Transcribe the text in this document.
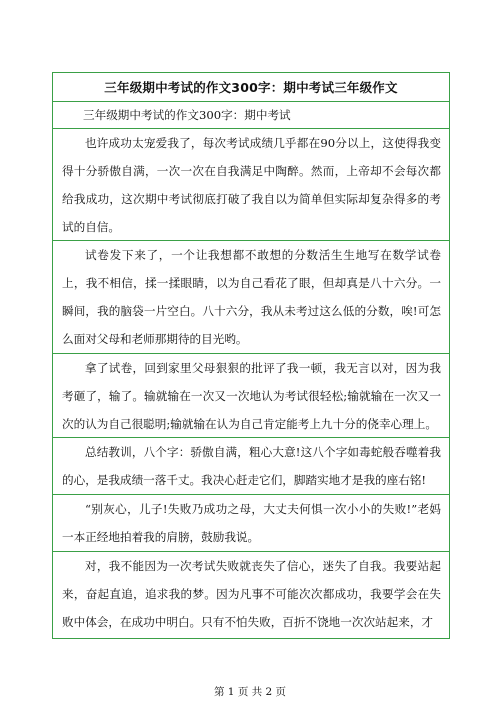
三年级期中考试的作文300字：期中考试三年级作文
三年级期中考试的作文300字：期中考试

也许成功太宠爱我了，每次考试成绩几乎都在90分以上，这使得我变得十分骄傲自满，一次一次在自我满足中陶醉。然而，上帝却不会每次都给我成功，这次期中考试彻底打破了我自以为简单但实际却复杂得多的考试的自信。

试卷发下来了，一个让我想都不敢想的分数活生生地写在数学试卷上，我不相信，揉一揉眼睛，以为自己看花了眼，但却真是八十六分。一瞬间，我的脑袋一片空白。八十六分，我从未考过这么低的分数，唉!可怎么面对父母和老师那期待的目光哟。

拿了试卷，回到家里父母狠狠的批评了我一顿，我无言以对，因为我考砸了，输了。输就输在一次又一次地认为考试很轻松;输就输在一次又一次的认为自己很聪明;输就输在认为自己肯定能考上九十分的侥幸心理上。

总结教训，八个字：骄傲自满，粗心大意!这八个字如毒蛇般吞噬着我的心，是我成绩一落千丈。我决心赶走它们，脚踏实地才是我的座右铭!

“别灰心，儿子!失败乃成功之母，大丈夫何惧一次小小的失败!”老妈一本正经地拍着我的肩膀，鼓励我说。

对，我不能因为一次考试失败就丧失了信心，迷失了自我。我要站起来，奋起直追，追求我的梦。因为凡事不可能次次都成功，我要学会在失败中体会，在成功中明白。只有不怕失败，百折不饶地一次次站起来，才

第 1 页 共 2 页
